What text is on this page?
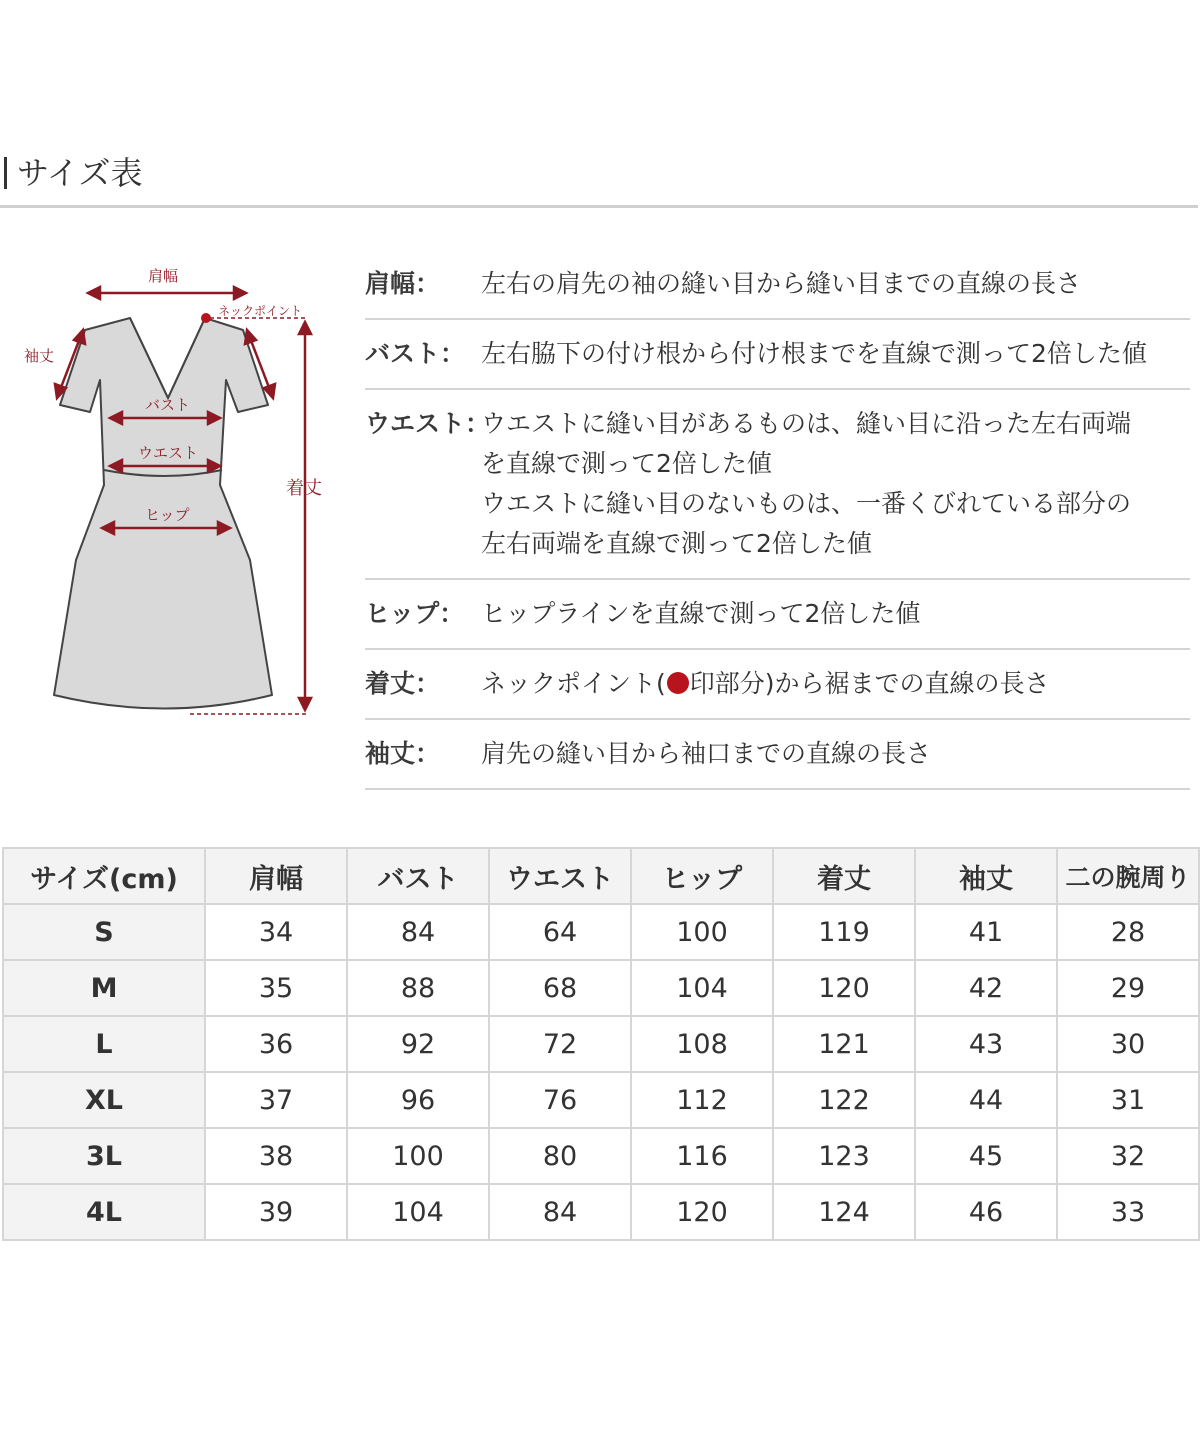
サイズ表
肩幅
ネックポイント
袖丈
バスト
ウエスト
ヒップ
着丈
肩幅：	左右の肩先の袖の縫い目から縫い目までの直線の長さ
バスト： 左右脇下の付け根から付け根までを直線で測って2倍した値
ウエスト：
ウエストに縫い目があるものは、縫い目に沿った左右両端
を直線で測って2倍した値
ウエストに縫い目のないものは、一番くびれている部分の
左右両端を直線で測って2倍した値
ヒップ： ヒップラインを直線で測って2倍した値
着丈：	ネックポイント( 印部分)から裾までの直線の長さ
袖丈：	肩先の縫い目から袖口までの直線の長さ
サイズ(cm)	肩幅	バスト	ウエスト	ヒップ	着丈	袖丈	二の腕周り
S	34	84	64	100	119	41	28
M	35	88	68	104	120	42	29
L	36	92	72	108	121	43	30
XL	37	96	76	112	122	44	31
3L	38	100	80	116	123	45	32
4L	39	104	84	120	124	46	33
